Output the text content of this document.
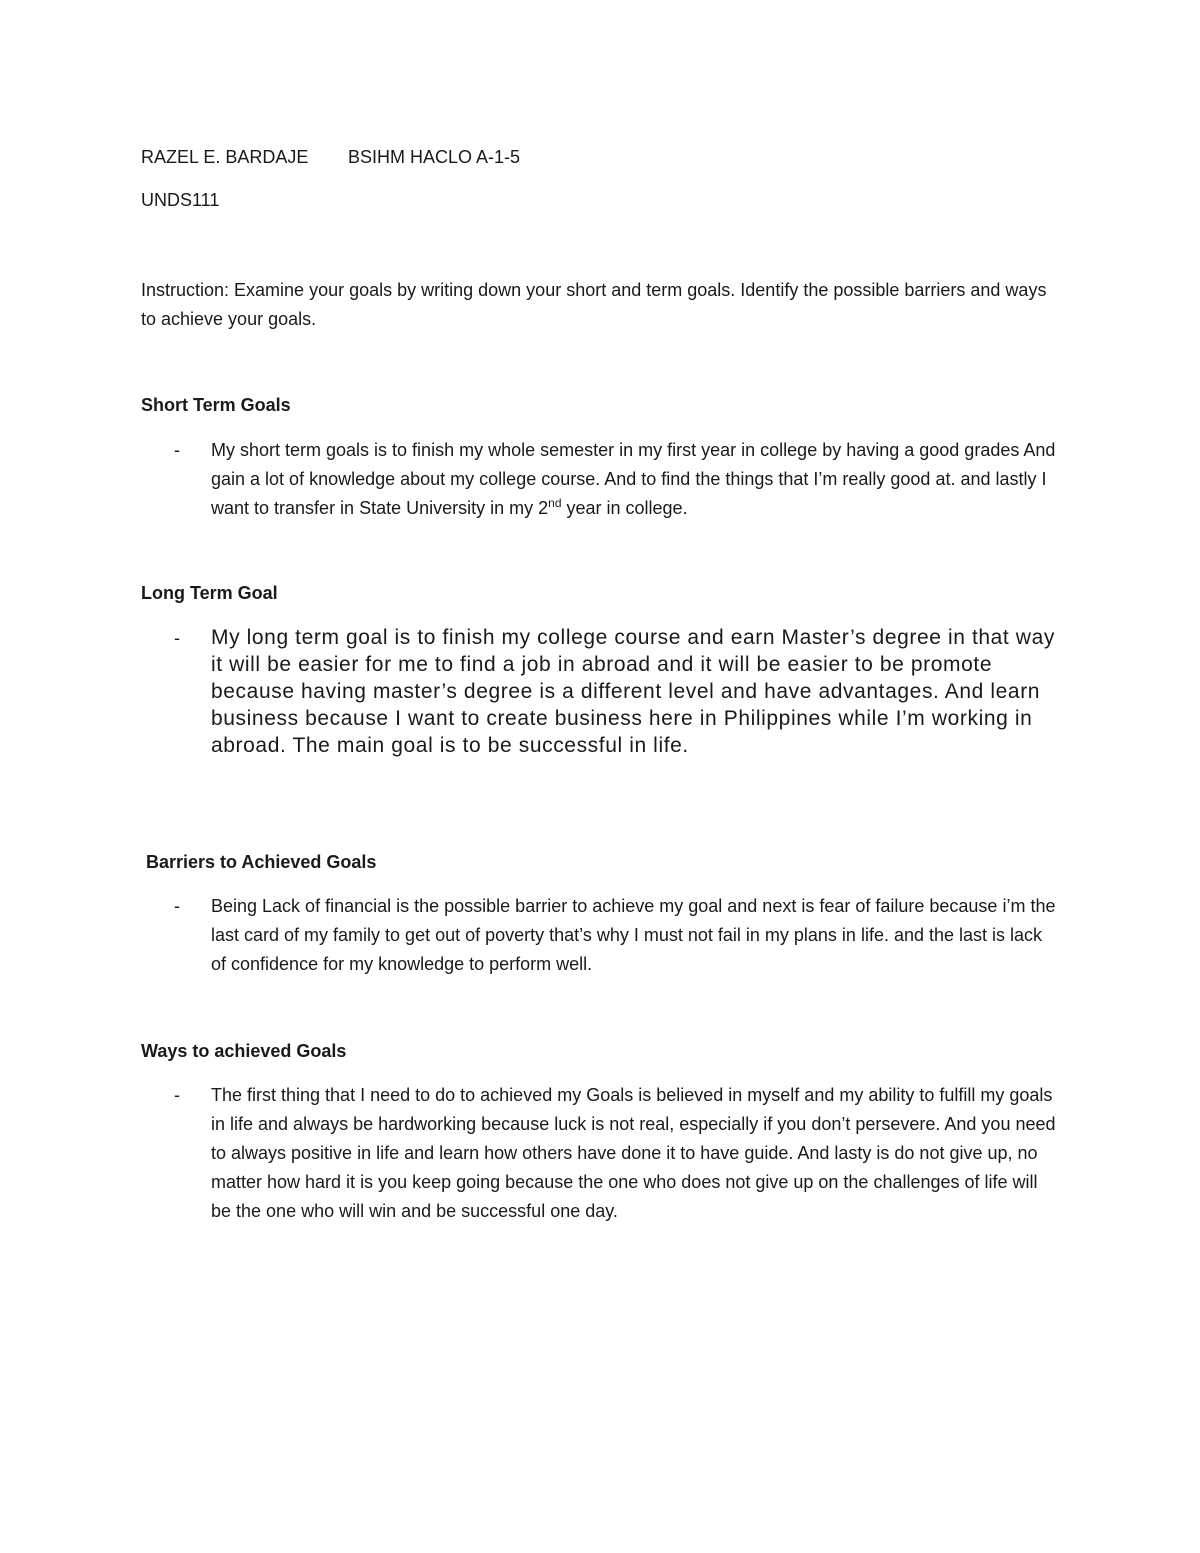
RAZEL E. BARDAJE BSIHM HACLO A-1-5
UNDS111
Instruction: Examine your goals by writing down your short and term goals. Identify the possible barriers and ways to achieve your goals.
Short Term Goals
- My short term goals is to finish my whole semester in my first year in college by having a good grades And gain a lot of knowledge about my college course. And to find the things that I’m really good at. and lastly I want to transfer in State University in my 2nd year in college.
Long Term Goal
- My long term goal is to finish my college course and earn Master’s degree in that way it will be easier for me to find a job in abroad and it will be easier to be promote because having master’s degree is a different level and have advantages. And learn business because I want to create business here in Philippines while I’m working in abroad. The main goal is to be successful in life.
Barriers to Achieved Goals
- Being Lack of financial is the possible barrier to achieve my goal and next is fear of failure because i’m the last card of my family to get out of poverty that’s why I must not fail in my plans in life. and the last is lack of confidence for my knowledge to perform well.
Ways to achieved Goals
- The first thing that I need to do to achieved my Goals is believed in myself and my ability to fulfill my goals in life and always be hardworking because luck is not real, especially if you don’t persevere. And you need to always positive in life and learn how others have done it to have guide. And lasty is do not give up, no matter how hard it is you keep going because the one who does not give up on the challenges of life will be the one who will win and be successful one day.
